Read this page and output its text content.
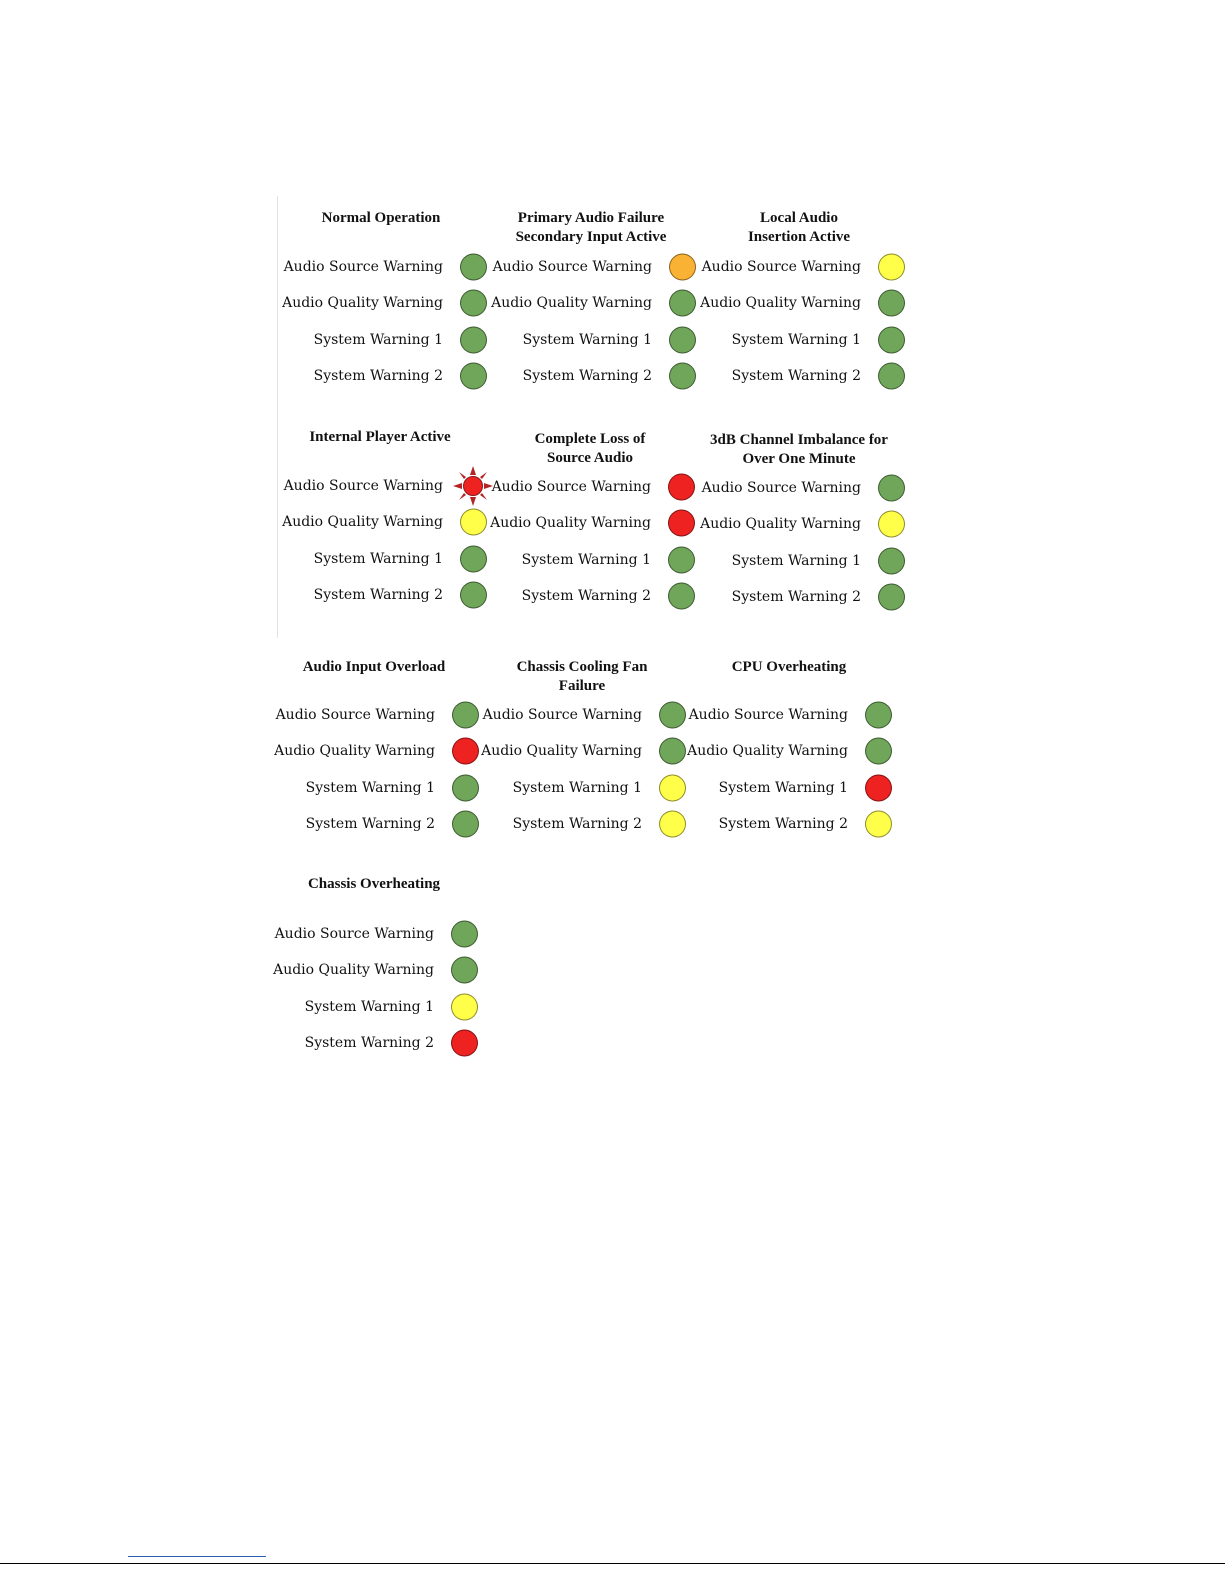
Normal Operation
Audio Source Warning
Audio Quality Warning
System Warning 1
System Warning 2
Primary Audio Failure
Secondary Input Active
Audio Source Warning
Audio Quality Warning
System Warning 1
System Warning 2
Local Audio
Insertion Active
Audio Source Warning
Audio Quality Warning
System Warning 1
System Warning 2
Internal Player Active
Audio Source Warning
Audio Quality Warning
System Warning 1
System Warning 2
Complete Loss of
Source Audio
Audio Source Warning
Audio Quality Warning
System Warning 1
System Warning 2
3dB Channel Imbalance for
Over One Minute
Audio Source Warning
Audio Quality Warning
System Warning 1
System Warning 2
Audio Input Overload
Audio Source Warning
Audio Quality Warning
System Warning 1
System Warning 2
Chassis Cooling Fan
Failure
Audio Source Warning
Audio Quality Warning
System Warning 1
System Warning 2
CPU Overheating
Audio Source Warning
Audio Quality Warning
System Warning 1
System Warning 2
Chassis Overheating
Audio Source Warning
Audio Quality Warning
System Warning 1
System Warning 2
